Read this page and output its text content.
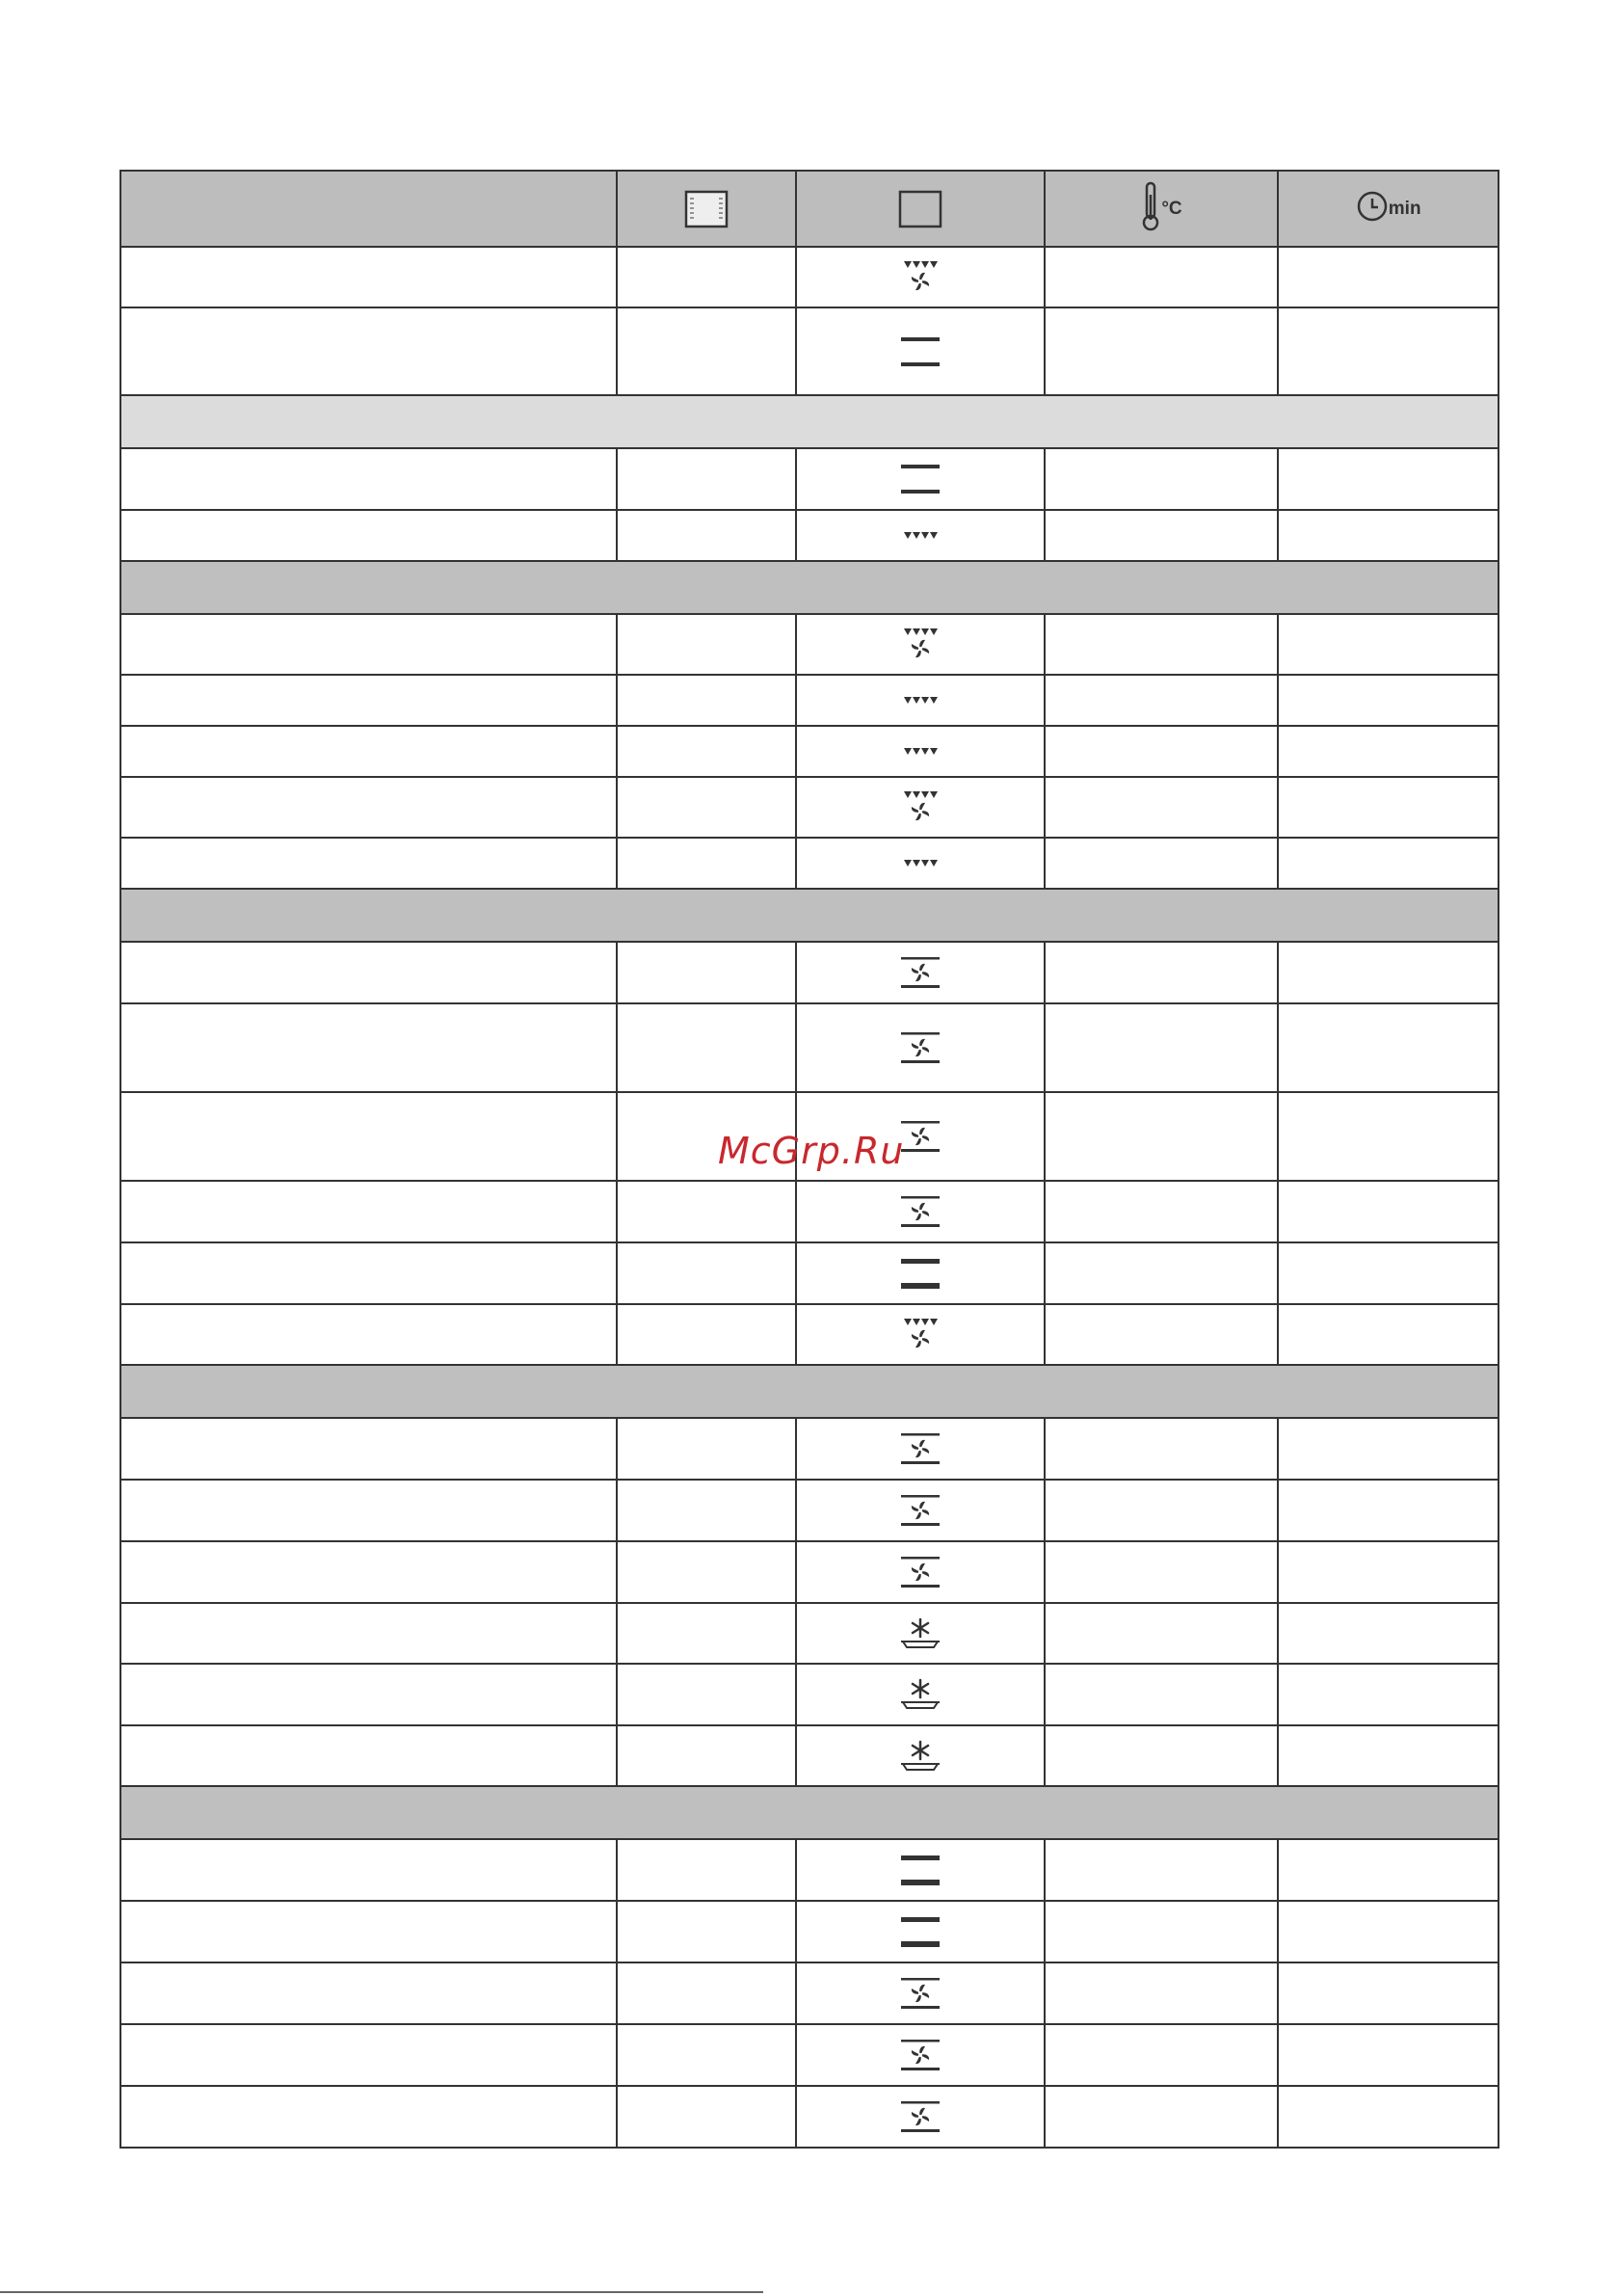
°C	min
McGrp.Ru
